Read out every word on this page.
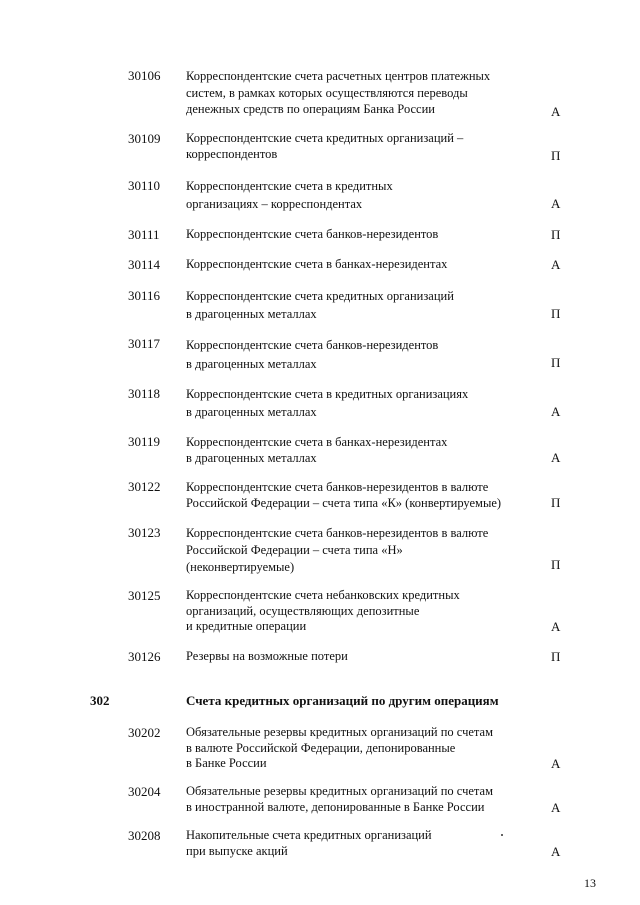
30106 Корреспондентские счета расчетных центров платежных
систем, в рамках которых осуществляются переводы
денежных средств по операциям Банка России	А
30109 Корреспондентские счета кредитных организаций –
корреспондентов	П
30110 Корреспондентские счета в кредитных
организациях – корреспондентах	А
30111 Корреспондентские счета банков-нерезидентов	П
30114 Корреспондентские счета в банках-нерезидентах	А
30116 Корреспондентские счета кредитных организаций
в драгоценных металлах	П
30117 Корреспондентские счета банков-нерезидентов
в драгоценных металлах	П
30118 Корреспондентские счета в кредитных организациях
в драгоценных металлах	А
30119 Корреспондентские счета в банках-нерезидентах
в драгоценных металлах	А
30122 Корреспондентские счета банков-нерезидентов в валюте
Российской Федерации – счета типа «К» (конвертируемые)	П
30123 Корреспондентские счета банков-нерезидентов в валюте
Российской Федерации – счета типа «Н»
(неконвертируемые)	П
30125 Корреспондентские счета небанковских кредитных
организаций, осуществляющих депозитные
и кредитные операции	А
30126 Резервы на возможные потери	П
302	Счета кредитных организаций по другим операциям
30202 Обязательные резервы кредитных организаций по счетам
в валюте Российской Федерации, депонированные
в Банке России	А
30204 Обязательные резервы кредитных организаций по счетам
в иностранной валюте, депонированные в Банке России	А
30208 Накопительные счета кредитных организаций
при выпуске акций	А
13
